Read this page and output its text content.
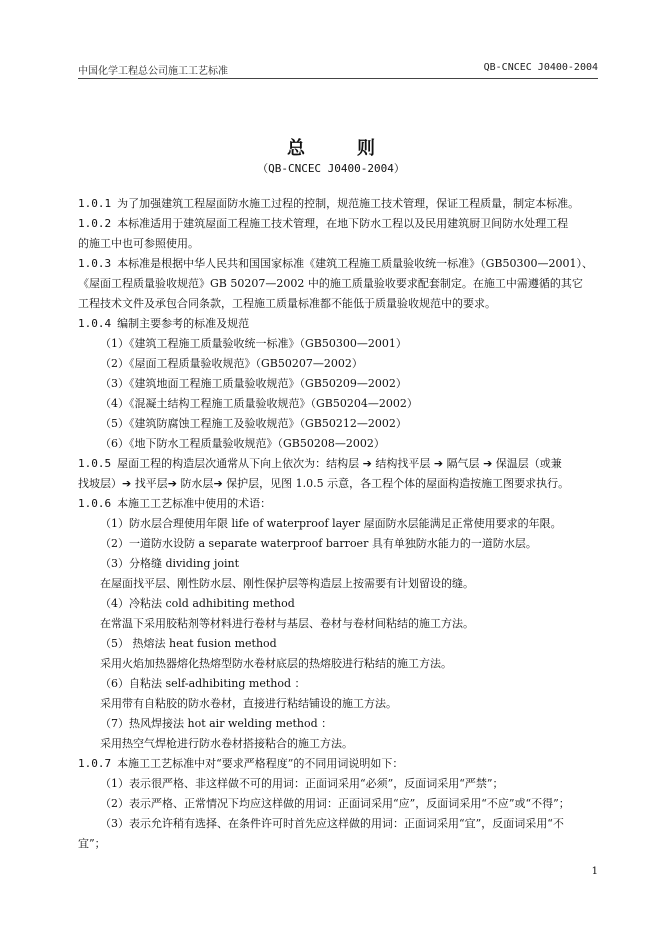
中国化学工程总公司施工工艺标准	QB-CNCEC J0400-2004
总	则
（QB-CNCEC J0400-2004）
1.0.1 为了加强建筑工程屋面防水施工过程的控制，规范施工技术管理，保证工程质量，制定本标准。
1.0.2 本标准适用于建筑屋面工程施工技术管理，在地下防水工程以及民用建筑厨卫间防水处理工程
的施工中也可参照使用。
1.0.3 本标准是根据中华人民共和国国家标准《建筑工程施工质量验收统一标准》（GB50300—2001）、
《屋面工程质量验收规范》GB 50207—2002 中的施工质量验收要求配套制定。在施工中需遵循的其它
工程技术文件及承包合同条款，工程施工质量标准都不能低于质量验收规范中的要求。
1.0.4 编制主要参考的标准及规范
（1）《建筑工程施工质量验收统一标准》（GB50300—2001）
（2）《屋面工程质量验收规范》（GB50207—2002）
（3）《建筑地面工程施工质量验收规范》（GB50209—2002）
（4）《混凝土结构工程施工质量验收规范》（GB50204—2002）
（5）《建筑防腐蚀工程施工及验收规范》（GB50212—2002）
（6）《地下防水工程质量验收规范》（GB50208—2002）
1.0.5 屋面工程的构造层次通常从下向上依次为：结构层 ➔ 结构找平层 ➔ 隔气层 ➔ 保温层（或兼
找坡层）➔ 找平层➔ 防水层➔ 保护层，见图 1.0.5 示意，各工程个体的屋面构造按施工图要求执行。
1.0.6 本施工工艺标准中使用的术语：
（1）防水层合理使用年限 life of waterproof layer 屋面防水层能满足正常使用要求的年限。
（2）一道防水设防 a separate waterproof barroer 具有单独防水能力的一道防水层。
（3）分格缝 dividing joint
在屋面找平层、刚性防水层、刚性保护层等构造层上按需要有计划留设的缝。
（4）冷粘法 cold adhibiting method
在常温下采用胶粘剂等材料进行卷材与基层、卷材与卷材间粘结的施工方法。
（5） 热熔法 heat fusion method
采用火焰加热器熔化热熔型防水卷材底层的热熔胶进行粘结的施工方法。
（6）自粘法 self-adhibiting method ：
采用带有自粘胶的防水卷材，直接进行粘结铺设的施工方法。
（7）热风焊接法 hot air welding method ：
采用热空气焊枪进行防水卷材搭接粘合的施工方法。
1.0.7 本施工工艺标准中对“要求严格程度”的不同用词说明如下：
（1）表示很严格、非这样做不可的用词：正面词采用“必须”，反面词采用“严禁”；
（2）表示严格、正常情况下均应这样做的用词：正面词采用“应”，反面词采用“不应”或“不得”；
（3）表示允许稍有选择、在条件许可时首先应这样做的用词：正面词采用“宜”，反面词采用“不
宜”；
1
